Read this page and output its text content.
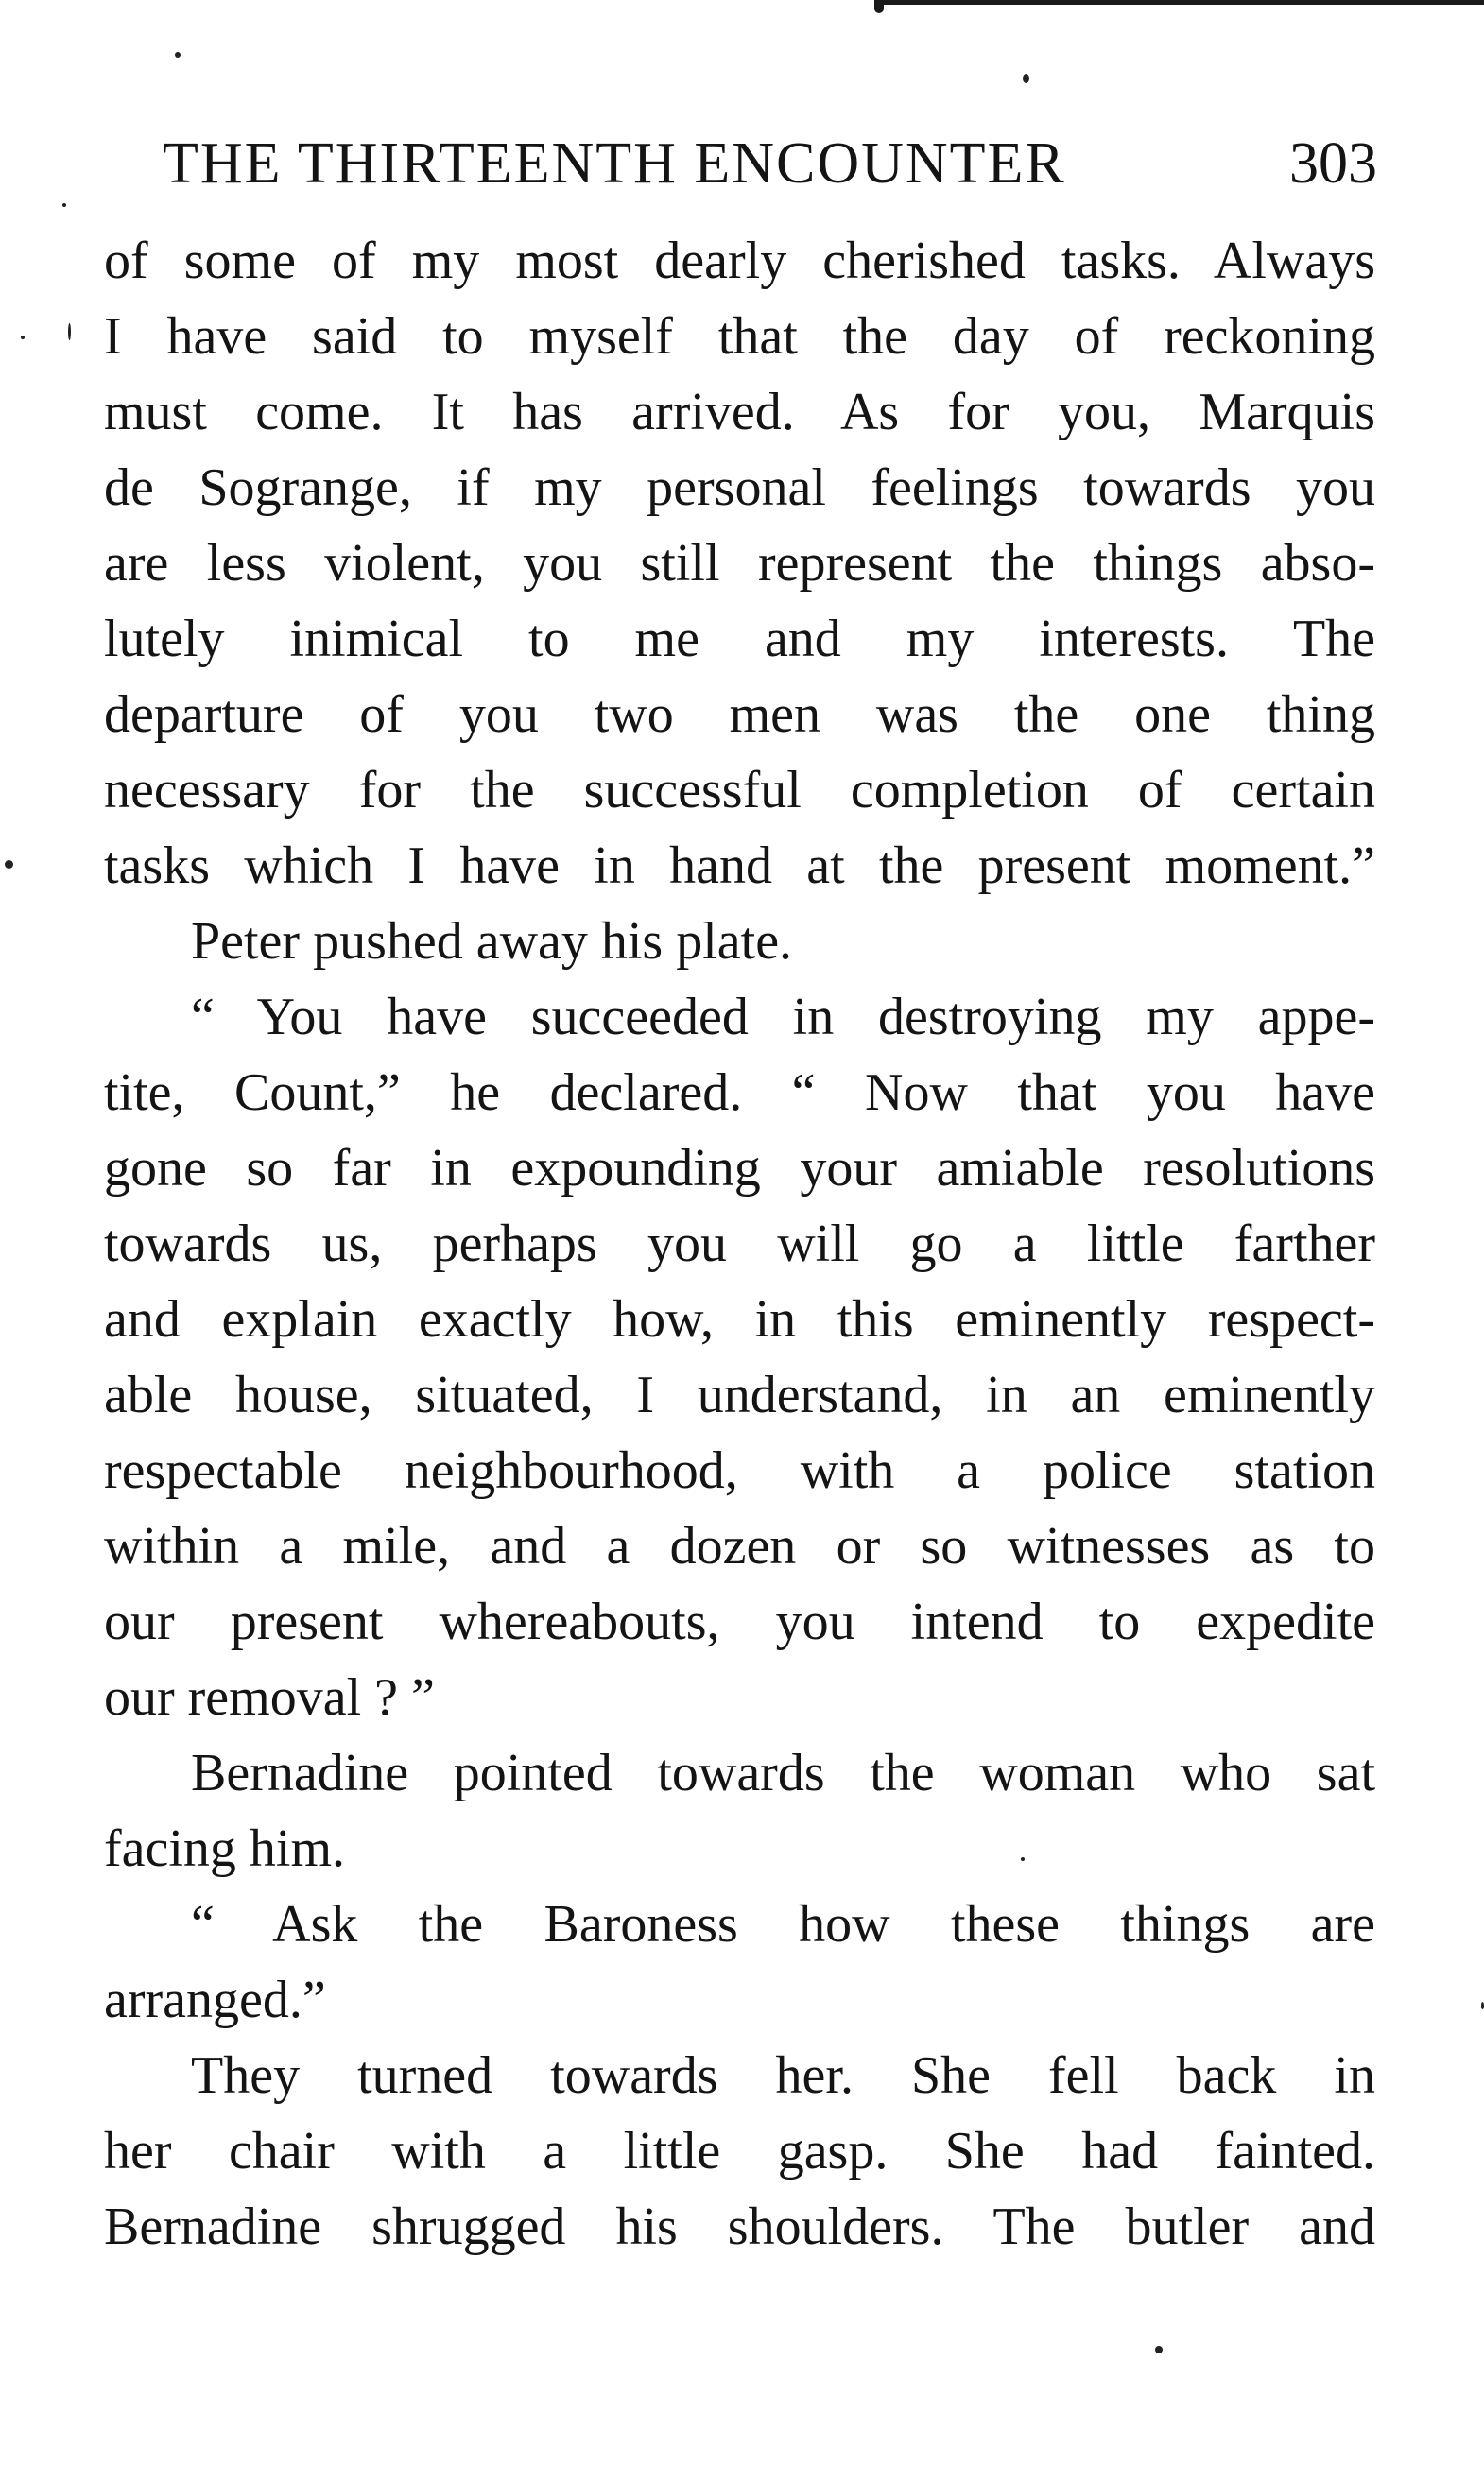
THE THIRTEENTH ENCOUNTER	303
of some of my most dearly cherished tasks. Always
I have said to myself that the day of reckoning
must come. It has arrived. As for you, Marquis
de Sogrange, if my personal feelings towards you
are less violent, you still represent the things abso-
lutely inimical to me and my interests. The
departure of you two men was the one thing
necessary for the successful completion of certain
tasks which I have in hand at the present moment.”
Peter pushed away his plate.
“ You have succeeded in destroying my appe-
tite, Count,” he declared. “ Now that you have
gone so far in expounding your amiable resolutions
towards us, perhaps you will go a little farther
and explain exactly how, in this eminently respect-
able house, situated, I understand, in an eminently
respectable neighbourhood, with a police station
within a mile, and a dozen or so witnesses as to
our present whereabouts, you intend to expedite
our removal ? ”
Bernadine pointed towards the woman who sat
facing him.
“ Ask the Baroness how these things are
arranged.”
They turned towards her. She fell back in
her chair with a little gasp. She had fainted.
Bernadine shrugged his shoulders. The butler and
